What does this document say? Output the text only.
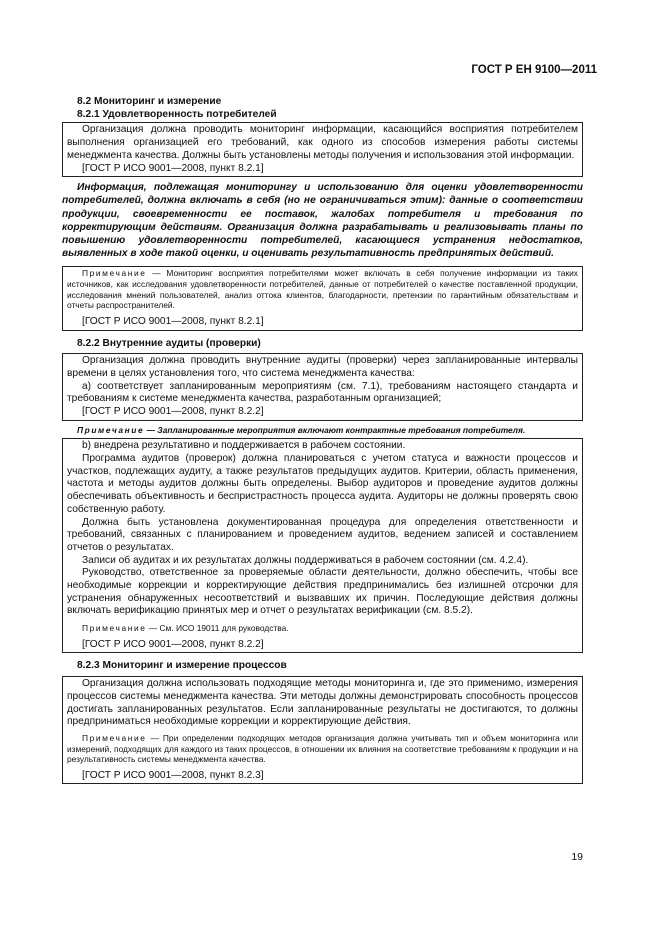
ГОСТ Р ЕН 9100—2011
8.2 Мониторинг и измерение
8.2.1 Удовлетворенность потребителей

Организация должна проводить мониторинг информации, касающийся восприятия потребителем выполнения организацией его требований, как одного из способов измерения работы системы менеджмента качества. Должны быть установлены методы получения и использования этой информации.

[ГОСТ Р ИСО 9001—2008, пункт 8.2.1]

Информация, подлежащая мониторингу и использованию для оценки удовлетворенности потребителей, должна включать в себя (но не ограничиваться этим): данные о соответствии продукции, своевременности ее поставок, жалобах потребителя и требования по корректирующим действиям. Организация должна разрабатывать и реализовывать планы по повышению удовлетворенности потребителей, касающиеся устранения недостатков, выявленных в ходе такой оценки, и оценивать результативность предпринятых действий.

Примечание — Мониторинг восприятия потребителями может включать в себя получение информации из таких источников, как исследования удовлетворенности потребителей, данные от потребителей о качестве поставленной продукции, исследования мнений пользователей, анализ оттока клиентов, благодарности, претензии по гарантийным обязательствам и отчеты распространителей.

[ГОСТ Р ИСО 9001—2008, пункт 8.2.1]

8.2.2 Внутренние аудиты (проверки)

Организация должна проводить внутренние аудиты (проверки) через запланированные интервалы времени в целях установления того, что система менеджмента качества:

а) соответствует запланированным мероприятиям (см. 7.1), требованиям настоящего стандарта и требованиям к системе менеджмента качества, разработанным организацией;

[ГОСТ Р ИСО 9001—2008, пункт 8.2.2]

Примечание — Запланированные мероприятия включают контрактные требования потребителя.

b) внедрена результативно и поддерживается в рабочем состоянии.

Программа аудитов (проверок) должна планироваться с учетом статуса и важности процессов и участков, подлежащих аудиту, а также результатов предыдущих аудитов. Критерии, область применения, частота и методы аудитов должны быть определены. Выбор аудиторов и проведение аудитов должны обеспечивать объективность и беспристрастность процесса аудита. Аудиторы не должны проверять свою собственную работу.

Должна быть установлена документированная процедура для определения ответственности и требований, связанных с планированием и проведением аудитов, ведением записей и составлением отчетов о результатах.

Записи об аудитах и их результатах должны поддерживаться в рабочем состоянии (см. 4.2.4).

Руководство, ответственное за проверяемые области деятельности, должно обеспечить, чтобы все необходимые коррекции и корректирующие действия предпринимались без излишней отсрочки для устранения обнаруженных несоответствий и вызвавших их причин. Последующие действия должны включать верификацию принятых мер и отчет о результатах верификации (см. 8.5.2).

Примечание — См. ИСО 19011 для руководства.

[ГОСТ Р ИСО 9001—2008, пункт 8.2.2]

8.2.3 Мониторинг и измерение процессов

Организация должна использовать подходящие методы мониторинга и, где это применимо, измерения процессов системы менеджмента качества. Эти методы должны демонстрировать способность процессов достигать запланированных результатов. Если запланированные результаты не достигаются, то должны предприниматься необходимые коррекции и корректирующие действия.

Примечание — При определении подходящих методов организация должна учитывать тип и объем мониторинга или измерений, подходящих для каждого из таких процессов, в отношении их влияния на соответствие требованиям к продукции и на результативность системы менеджмента качества.

[ГОСТ Р ИСО 9001—2008, пункт 8.2.3]

19
